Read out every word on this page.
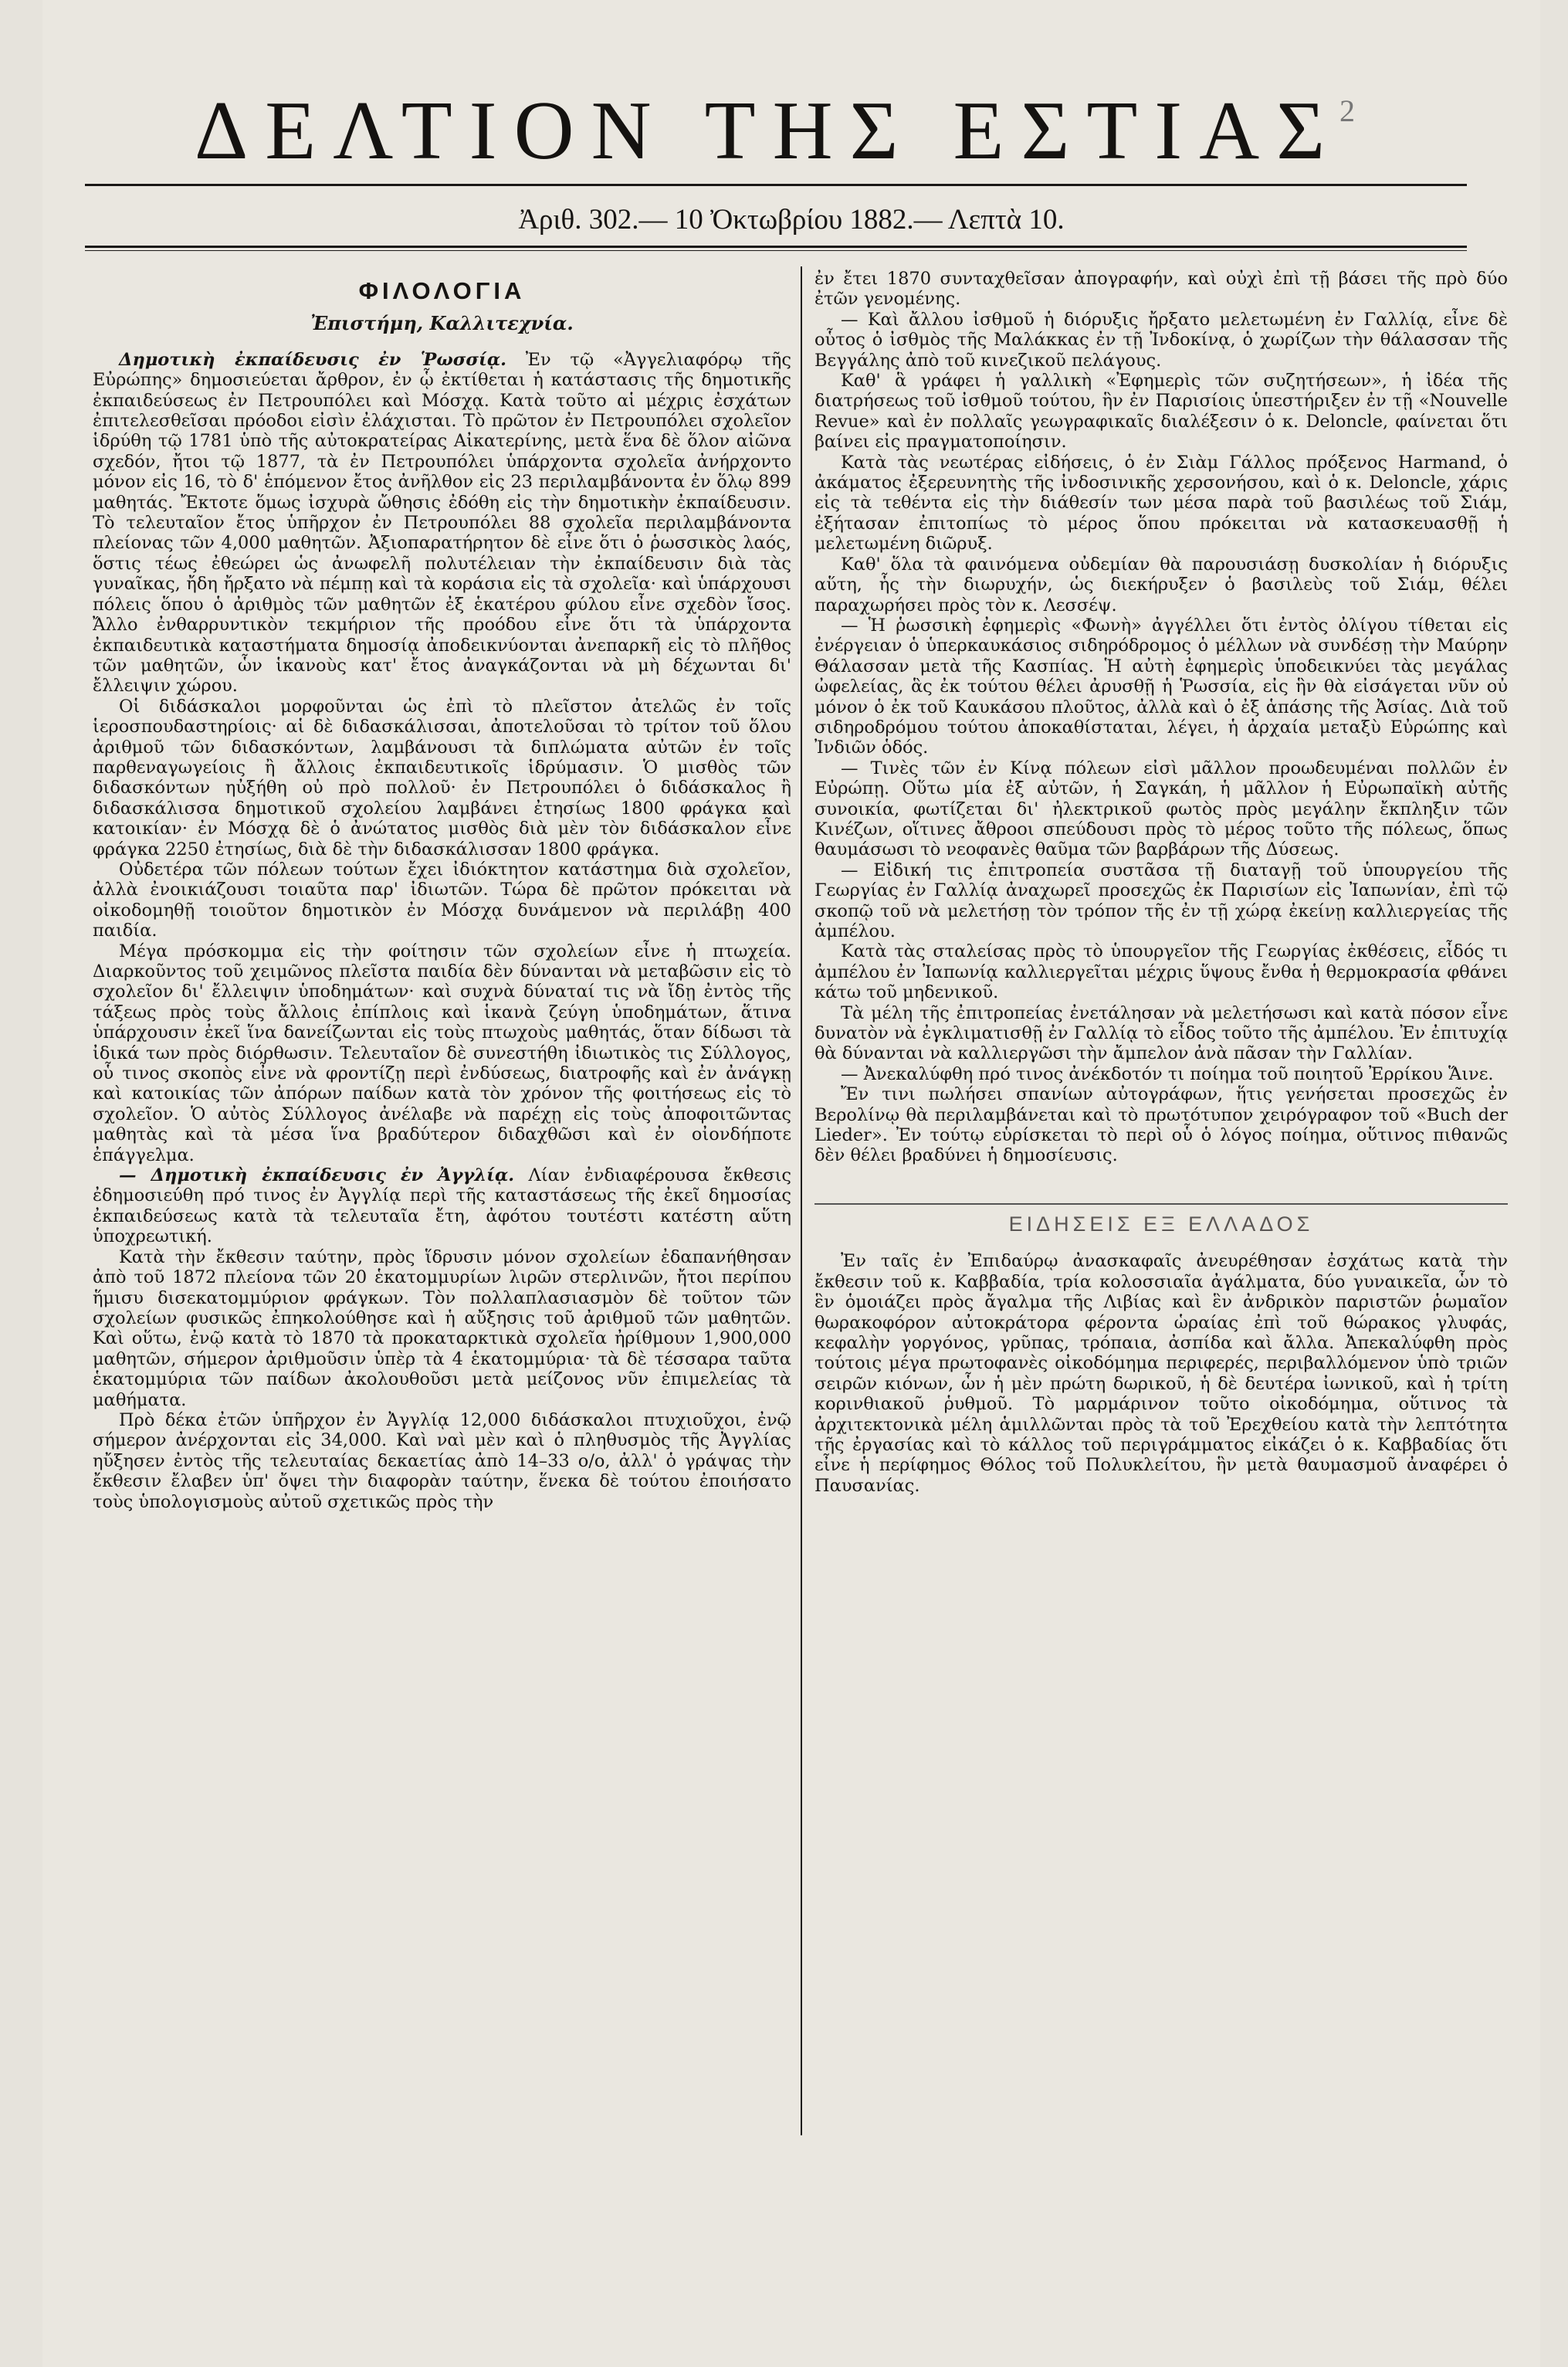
ΔΕΛΤΙΟΝ ΤΗΣ ΕΣΤΙΑΣ
2
Ἀριθ. 302.— 10 Ὀκτωβρίου 1882.— Λεπτὰ 10.
ΦΙΛΟΛΟΓΙΑ
Ἐπιστήμη, Καλλιτεχνία.

Δημοτικὴ ἐκπαίδευσις ἐν Ῥωσσίᾳ. Ἐν τῷ «Ἀγγελιαφόρῳ τῆς Εὐρώπης» δημοσιεύεται ἄρθρον, ἐν ᾧ ἐκτίθεται ἡ κατάστασις τῆς δημοτικῆς ἐκπαιδεύσεως ἐν Πετρουπόλει καὶ Μόσχᾳ. Κατὰ τοῦτο αἱ μέχρις ἐσχάτων ἐπιτελεσθεῖσαι πρόοδοι εἰσὶν ἐλάχισται. Τὸ πρῶτον ἐν Πετρουπόλει σχολεῖον ἱδρύθη τῷ 1781 ὑπὸ τῆς αὐτοκρατείρας Αἰκατερίνης, μετὰ ἕνα δὲ ὅλον αἰῶνα σχεδόν, ἤτοι τῷ 1877, τὰ ἐν Πετρουπόλει ὑπάρχοντα σχολεῖα ἀνήρχοντο μόνον εἰς 16, τὸ δ' ἑπόμενον ἔτος ἀνῆλθον εἰς 23 περιλαμβάνοντα ἐν ὅλῳ 899 μαθητάς. Ἔκτοτε ὅμως ἰσχυρὰ ὤθησις ἐδόθη εἰς τὴν δημοτικὴν ἐκπαίδευσιν. Τὸ τελευταῖον ἔτος ὑπῆρχον ἐν Πετρουπόλει 88 σχολεῖα περιλαμβάνοντα πλείονας τῶν 4,000 μαθητῶν. Ἀξιοπαρατήρητον δὲ εἶνε ὅτι ὁ ῥωσσικὸς λαός, ὅστις τέως ἐθεώρει ὡς ἀνωφελῆ πολυτέλειαν τὴν ἐκπαίδευσιν διὰ τὰς γυναῖκας, ἤδη ἤρξατο νὰ πέμπῃ καὶ τὰ κοράσια εἰς τὰ σχολεῖα· καὶ ὑπάρχουσι πόλεις ὅπου ὁ ἀριθμὸς τῶν μαθητῶν ἐξ ἑκατέρου φύλου εἶνε σχεδὸν ἴσος. Ἄλλο ἐνθαρρυντικὸν τεκμήριον τῆς προόδου εἶνε ὅτι τὰ ὑπάρχοντα ἐκπαιδευτικὰ καταστήματα δημοσίᾳ ἀποδεικνύονται ἀνεπαρκῆ εἰς τὸ πλῆθος τῶν μαθητῶν, ὧν ἱκανοὺς κατ' ἔτος ἀναγκάζονται νὰ μὴ δέχωνται δι' ἔλλειψιν χώρου.

Οἱ διδάσκαλοι μορφοῦνται ὡς ἐπὶ τὸ πλεῖστον ἀτελῶς ἐν τοῖς ἱεροσπουδαστηρίοις· αἱ δὲ διδασκάλισσαι, ἀποτελοῦσαι τὸ τρίτον τοῦ ὅλου ἀριθμοῦ τῶν διδασκόντων, λαμβάνουσι τὰ διπλώματα αὐτῶν ἐν τοῖς παρθεναγωγείοις ἢ ἄλλοις ἐκπαιδευτικοῖς ἱδρύμασιν. Ὁ μισθὸς τῶν διδασκόντων ηὐξήθη οὐ πρὸ πολλοῦ· ἐν Πετρουπόλει ὁ διδάσκαλος ἢ διδασκάλισσα δημοτικοῦ σχολείου λαμβάνει ἐτησίως 1800 φράγκα καὶ κατοικίαν· ἐν Μόσχᾳ δὲ ὁ ἀνώτατος μισθὸς διὰ μὲν τὸν διδάσκαλον εἶνε φράγκα 2250 ἐτησίως, διὰ δὲ τὴν διδασκάλισσαν 1800 φράγκα.

Οὐδετέρα τῶν πόλεων τούτων ἔχει ἰδιόκτητον κατάστημα διὰ σχολεῖον, ἀλλὰ ἐνοικιάζουσι τοιαῦτα παρ' ἰδιωτῶν. Τώρα δὲ πρῶτον πρόκειται νὰ οἰκοδομηθῇ τοιοῦτον δημοτικὸν ἐν Μόσχᾳ δυνάμενον νὰ περιλάβῃ 400 παιδία.

Μέγα πρόσκομμα εἰς τὴν φοίτησιν τῶν σχολείων εἶνε ἡ πτωχεία. Διαρκοῦντος τοῦ χειμῶνος πλεῖστα παιδία δὲν δύνανται νὰ μεταβῶσιν εἰς τὸ σχολεῖον δι' ἔλλειψιν ὑποδημάτων· καὶ συχνὰ δύναταί τις νὰ ἴδῃ ἐντὸς τῆς τάξεως πρὸς τοὺς ἄλλοις ἐπίπλοις καὶ ἱκανὰ ζεύγη ὑποδημάτων, ἅτινα ὑπάρχουσιν ἐκεῖ ἵνα δανείζωνται εἰς τοὺς πτωχοὺς μαθητάς, ὅταν δίδωσι τὰ ἰδικά των πρὸς διόρθωσιν. Τελευταῖον δὲ συνεστήθη ἰδιωτικὸς τις Σύλλογος, οὗ τινος σκοπὸς εἶνε νὰ φροντίζῃ περὶ ἐνδύσεως, διατροφῆς καὶ ἐν ἀνάγκῃ καὶ κατοικίας τῶν ἀπόρων παίδων κατὰ τὸν χρόνον τῆς φοιτήσεως εἰς τὸ σχολεῖον. Ὁ αὐτὸς Σύλλογος ἀνέλαβε νὰ παρέχῃ εἰς τοὺς ἀποφοιτῶντας μαθητὰς καὶ τὰ μέσα ἵνα βραδύτερον διδαχθῶσι καὶ ἐν οἰονδήποτε ἐπάγγελμα.

— Δημοτικὴ ἐκπαίδευσις ἐν Ἀγγλίᾳ. Λίαν ἐνδιαφέρουσα ἔκθεσις ἐδημοσιεύθη πρό τινος ἐν Ἀγγλίᾳ περὶ τῆς καταστάσεως τῆς ἐκεῖ δημοσίας ἐκπαιδεύσεως κατὰ τὰ τελευταῖα ἔτη, ἀφότου τουτέστι κατέστη αὕτη ὑποχρεωτική.

Κατὰ τὴν ἔκθεσιν ταύτην, πρὸς ἵδρυσιν μόνον σχολείων ἐδαπανήθησαν ἀπὸ τοῦ 1872 πλείονα τῶν 20 ἑκατομμυρίων λιρῶν στερλινῶν, ἤτοι περίπου ἥμισυ δισεκατομμύριον φράγκων. Τὸν πολλαπλασιασμὸν δὲ τοῦτον τῶν σχολείων φυσικῶς ἐπηκολούθησε καὶ ἡ αὔξησις τοῦ ἀριθμοῦ τῶν μαθητῶν. Καὶ οὕτω, ἐνῷ κατὰ τὸ 1870 τὰ προκαταρκτικὰ σχολεῖα ἠρίθμουν 1,900,000 μαθητῶν, σήμερον ἀριθμοῦσιν ὑπὲρ τὰ 4 ἑκατομμύρια· τὰ δὲ τέσσαρα ταῦτα ἑκατομμύρια τῶν παίδων ἀκολουθοῦσι μετὰ μείζονος νῦν ἐπιμελείας τὰ μαθήματα.

Πρὸ δέκα ἐτῶν ὑπῆρχον ἐν Ἀγγλίᾳ 12,000 διδάσκαλοι πτυχιοῦχοι, ἐνῷ σήμερον ἀνέρχονται εἰς 34,000. Καὶ ναὶ μὲν καὶ ὁ πληθυσμὸς τῆς Ἀγγλίας ηὔξησεν ἐντὸς τῆς τελευταίας δεκαετίας ἀπὸ 14–33 ο/ο, ἀλλ' ὁ γράψας τὴν ἔκθεσιν ἔλαβεν ὑπ' ὄψει τὴν διαφορὰν ταύτην, ἕνεκα δὲ τούτου ἐποιήσατο τοὺς ὑπολογισμοὺς αὐτοῦ σχετικῶς πρὸς τὴν

ἐν ἔτει 1870 συνταχθεῖσαν ἀπογραφήν, καὶ οὐχὶ ἐπὶ τῇ βάσει τῆς πρὸ δύο ἐτῶν γενομένης.

— Καὶ ἄλλου ἰσθμοῦ ἡ διόρυξις ἤρξατο μελετωμένη ἐν Γαλλίᾳ, εἶνε δὲ οὗτος ὁ ἰσθμὸς τῆς Μαλάκκας ἐν τῇ Ἰνδοκίνᾳ, ὁ χωρίζων τὴν θάλασσαν τῆς Βεγγάλης ἀπὸ τοῦ κινεζικοῦ πελάγους.

Καθ' ἃ γράφει ἡ γαλλικὴ «Ἐφημερὶς τῶν συζητήσεων», ἡ ἰδέα τῆς διατρήσεως τοῦ ἰσθμοῦ τούτου, ἣν ἐν Παρισίοις ὑπεστήριξεν ἐν τῇ «Nouvelle Revue» καὶ ἐν πολλαῖς γεωγραφικαῖς διαλέξεσιν ὁ κ. Deloncle, φαίνεται ὅτι βαίνει εἰς πραγματοποίησιν.

Κατὰ τὰς νεωτέρας εἰδήσεις, ὁ ἐν Σιὰμ Γάλλος πρόξενος Harmand, ὁ ἀκάματος ἐξερευνητὴς τῆς ἰνδοσινικῆς χερσονήσου, καὶ ὁ κ. Deloncle, χάρις εἰς τὰ τεθέντα εἰς τὴν διάθεσίν των μέσα παρὰ τοῦ βασιλέως τοῦ Σιάμ, ἐξήτασαν ἐπιτοπίως τὸ μέρος ὅπου πρόκειται νὰ κατασκευασθῇ ἡ μελετωμένη διῶρυξ.

Καθ' ὅλα τὰ φαινόμενα οὐδεμίαν θὰ παρουσιάσῃ δυσκολίαν ἡ διόρυξις αὕτη, ἧς τὴν διωρυχήν, ὡς διεκήρυξεν ὁ βασιλεὺς τοῦ Σιάμ, θέλει παραχωρήσει πρὸς τὸν κ. Λεσσέψ.

— Ἡ ῥωσσικὴ ἐφημερὶς «Φωνὴ» ἀγγέλλει ὅτι ἐντὸς ὀλίγου τίθεται εἰς ἐνέργειαν ὁ ὑπερκαυκάσιος σιδηρόδρομος ὁ μέλλων νὰ συνδέσῃ τὴν Μαύρην Θάλασσαν μετὰ τῆς Κασπίας. Ἡ αὐτὴ ἐφημερὶς ὑποδεικνύει τὰς μεγάλας ὠφελείας, ἃς ἐκ τούτου θέλει ἀρυσθῇ ἡ Ῥωσσία, εἰς ἣν θὰ εἰσάγεται νῦν οὐ μόνον ὁ ἐκ τοῦ Καυκάσου πλοῦτος, ἀλλὰ καὶ ὁ ἐξ ἁπάσης τῆς Ἀσίας. Διὰ τοῦ σιδηροδρόμου τούτου ἀποκαθίσταται, λέγει, ἡ ἀρχαία μεταξὺ Εὐρώπης καὶ Ἰνδιῶν ὁδός.

— Τινὲς τῶν ἐν Κίνᾳ πόλεων εἰσὶ μᾶλλον προωδευμέναι πολλῶν ἐν Εὐρώπῃ. Οὕτω μία ἐξ αὐτῶν, ἡ Σαγκάη, ἡ μᾶλλον ἡ Εὐρωπαϊκὴ αὐτῆς συνοικία, φωτίζεται δι' ἠλεκτρικοῦ φωτὸς πρὸς μεγάλην ἔκπληξιν τῶν Κινέζων, οἵτινες ἄθρooι σπεύδουσι πρὸς τὸ μέρος τοῦτο τῆς πόλεως, ὅπως θαυμάσωσι τὸ νεοφανὲς θαῦμα τῶν βαρβάρων τῆς Δύσεως.

— Εἰδική τις ἐπιτροπεία συστᾶσα τῇ διαταγῇ τοῦ ὑπουργείου τῆς Γεωργίας ἐν Γαλλίᾳ ἀναχωρεῖ προσεχῶς ἐκ Παρισίων εἰς Ἰαπωνίαν, ἐπὶ τῷ σκοπῷ τοῦ νὰ μελετήσῃ τὸν τρόπον τῆς ἐν τῇ χώρᾳ ἐκείνῃ καλλιεργείας τῆς ἀμπέλου.

Κατὰ τὰς σταλείσας πρὸς τὸ ὑπουργεῖον τῆς Γεωργίας ἐκθέσεις, εἶδός τι ἀμπέλου ἐν Ἰαπωνίᾳ καλλιεργεῖται μέχρις ὕψους ἔνθα ἡ θερμοκρασία φθάνει κάτω τοῦ μηδενικοῦ.

Τὰ μέλη τῆς ἐπιτροπείας ἐνετάλησαν νὰ μελετήσωσι καὶ κατὰ πόσον εἶνε δυνατὸν νὰ ἐγκλιματισθῇ ἐν Γαλλίᾳ τὸ εἶδος τοῦτο τῆς ἀμπέλου. Ἐν ἐπιτυχίᾳ θὰ δύνανται νὰ καλλιεργῶσι τὴν ἄμπελον ἀνὰ πᾶσαν τὴν Γαλλίαν.

— Ἀνεκαλύφθη πρό τινος ἀνέκδοτόν τι ποίημα τοῦ ποιητοῦ Ἐρρίκου Ἅινε.

Ἔν τινι πωλήσει σπανίων αὐτογράφων, ἥτις γενήσεται προσεχῶς ἐν Βερολίνῳ θὰ περιλαμβάνεται καὶ τὸ πρωτότυπον χειρόγραφον τοῦ «Buch der Lieder». Ἐν τούτῳ εὑρίσκεται τὸ περὶ οὗ ὁ λόγος ποίημα, οὕτινος πιθανῶς δὲν θέλει βραδύνει ἡ δημοσίευσις.

ΕΙΔΗΣΕΙΣ ΕΞ ΕΛΛΑΔΟΣ

Ἐν ταῖς ἐν Ἐπιδαύρῳ ἀνασκαφαῖς ἀνευρέθησαν ἐσχάτως κατὰ τὴν ἔκθεσιν τοῦ κ. Καββαδία, τρία κολοσσιαῖα ἀγάλματα, δύο γυναικεῖα, ὧν τὸ ἓν ὁμοιάζει πρὸς ἄγαλμα τῆς Λιβίας καὶ ἓν ἀνδρικὸν παριστῶν ῥωμαῖον θωρακοφόρον αὐτοκράτορα φέροντα ὡραίας ἐπὶ τοῦ θώρακος γλυφάς, κεφαλὴν γοργόνος, γρῦπας, τρόπαια, ἀσπίδα καὶ ἄλλα. Ἀπεκαλύφθη πρὸς τούτοις μέγα πρωτοφανὲς οἰκοδόμημα περιφερές, περιβαλλόμενον ὑπὸ τριῶν σειρῶν κιόνων, ὧν ἡ μὲν πρώτη δωρικοῦ, ἡ δὲ δευτέρα ἰωνικοῦ, καὶ ἡ τρίτη κορινθιακοῦ ῥυθμοῦ. Τὸ μαρμάρινον τοῦτο οἰκοδόμημα, οὕτινος τὰ ἀρχιτεκτονικὰ μέλη ἁμιλλῶνται πρὸς τὰ τοῦ Ἐρεχθείου κατὰ τὴν λεπτότητα τῆς ἐργασίας καὶ τὸ κάλλος τοῦ περιγράμματος εἰκάζει ὁ κ. Καββαδίας ὅτι εἶνε ἡ περίφημος Θόλος τοῦ Πολυκλείτου, ἣν μετὰ θαυμασμοῦ ἀναφέρει ὁ Παυσανίας.
